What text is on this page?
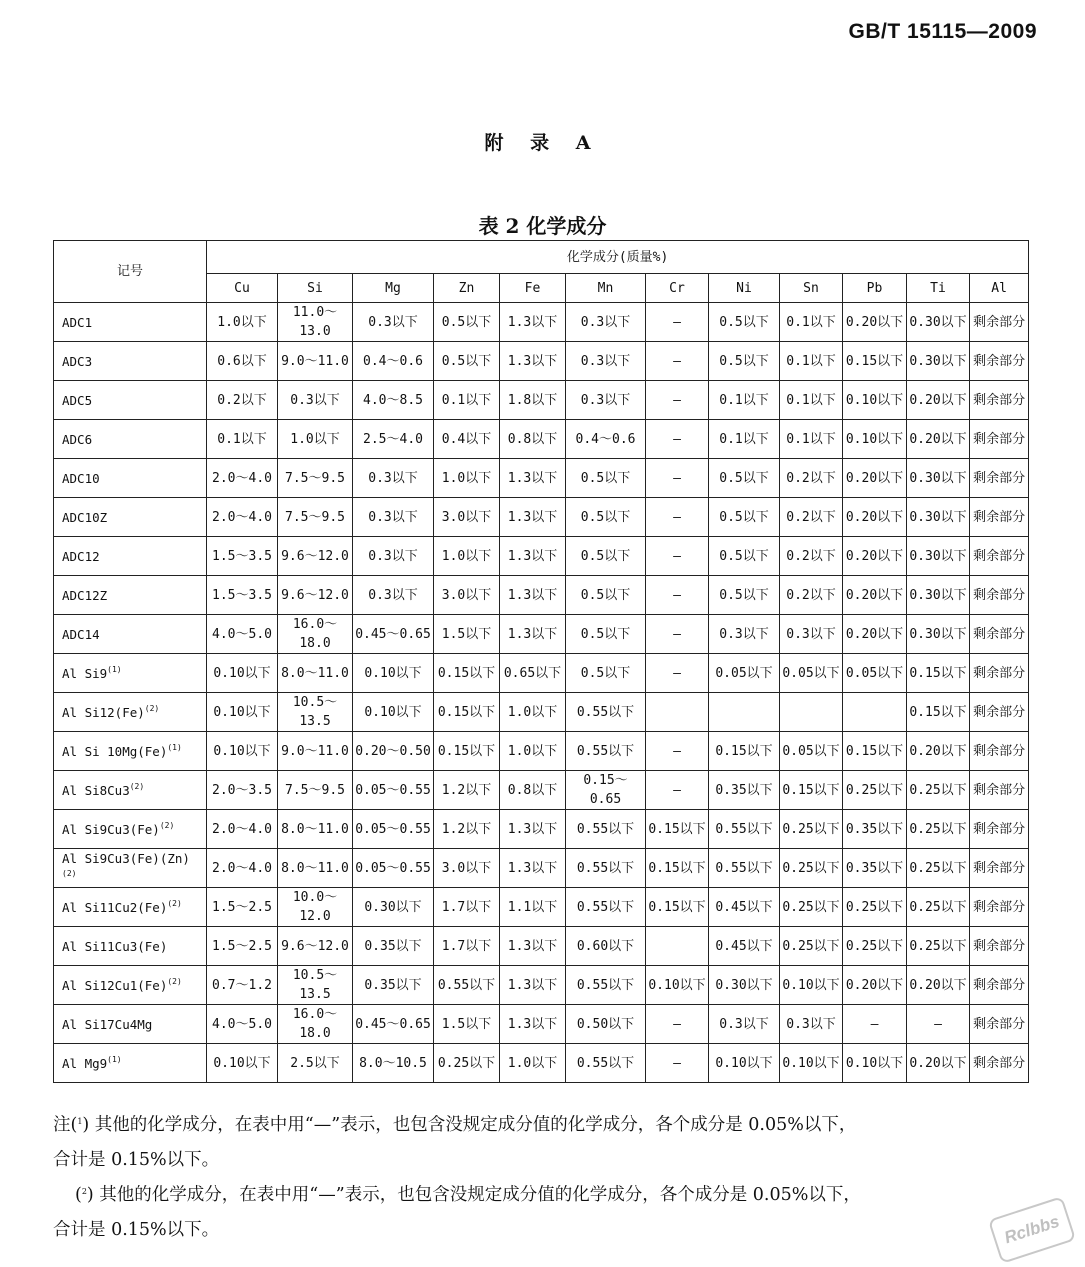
GB/T 15115—2009
附 录 A
表 2 化学成分
记号	化学成分(质量%)											
	Cu	Si	Mg	Zn	Fe	Mn	Cr	Ni	Sn	Pb	Ti	Al
ADC1	1.0以下	11.0～13.0	0.3以下	0.5以下	1.3以下	0.3以下	—	0.5以下	0.1以下	0.20以下	0.30以下	剩余部分
ADC3	0.6以下	9.0～11.0	0.4～0.6	0.5以下	1.3以下	0.3以下	—	0.5以下	0.1以下	0.15以下	0.30以下	剩余部分
ADC5	0.2以下	0.3以下	4.0～8.5	0.1以下	1.8以下	0.3以下	—	0.1以下	0.1以下	0.10以下	0.20以下	剩余部分
ADC6	0.1以下	1.0以下	2.5～4.0	0.4以下	0.8以下	0.4～0.6	—	0.1以下	0.1以下	0.10以下	0.20以下	剩余部分
ADC10	2.0～4.0	7.5～9.5	0.3以下	1.0以下	1.3以下	0.5以下	—	0.5以下	0.2以下	0.20以下	0.30以下	剩余部分
ADC10Z	2.0～4.0	7.5～9.5	0.3以下	3.0以下	1.3以下	0.5以下	—	0.5以下	0.2以下	0.20以下	0.30以下	剩余部分
ADC12	1.5～3.5	9.6～12.0	0.3以下	1.0以下	1.3以下	0.5以下	—	0.5以下	0.2以下	0.20以下	0.30以下	剩余部分
ADC12Z	1.5～3.5	9.6～12.0	0.3以下	3.0以下	1.3以下	0.5以下	—	0.5以下	0.2以下	0.20以下	0.30以下	剩余部分
ADC14	4.0～5.0	16.0～18.0	0.45～0.65	1.5以下	1.3以下	0.5以下	—	0.3以下	0.3以下	0.20以下	0.30以下	剩余部分
Al Si9$^{(1)}$	0.10以下	8.0～11.0	0.10以下	0.15以下	0.65以下	0.5以下	—	0.05以下	0.05以下	0.05以下	0.15以下	剩余部分
Al $Si12(Fe)^{(2)}$	0.10以下	10.5～13.5	0.10以下	0.15以下	1.0以下	0.55以下					0.15以下	剩余部分
Al Si $10Mg(Fe)^{(1)}$	0.10以下	9.0～11.0	0.20～0.50	0.15以下	1.0以下	0.55以下	—	0.15以下	0.05以下	0.15以下	0.20以下	剩余部分
Al Si8Cu3$^{(2)}$	2.0～3.5	7.5～9.5	0.05～0.55	1.2以下	0.8以下	0.15～0.65	—	0.35以下	0.15以下	0.25以下	0.25以下	剩余部分
Al $Si9Cu3(Fe)^{(2)}$	2.0～4.0	8.0～11.0	0.05～0.55	1.2以下	1.3以下	0.55以下	0.15以下	0.55以下	0.25以下	0.35以下	0.25以下	剩余部分
Al $Si9Cu3(Fe)(Zn)^{(2)}$	2.0～4.0	8.0～11.0	0.05～0.55	3.0以下	1.3以下	0.55以下	0.15以下	0.55以下	0.25以下	0.35以下	0.25以下	剩余部分
Al $Si11Cu2(Fe)^{(2)}$	1.5～2.5	10.0～12.0	0.30以下	1.7以下	1.1以下	0.55以下	0.15以下	0.45以下	0.25以下	0.25以下	0.25以下	剩余部分
Al Si11Cu3(Fe)	1.5～2.5	9.6～12.0	0.35以下	1.7以下	1.3以下	0.60以下		0.45以下	0.25以下	0.25以下	0.25以下	剩余部分
Al $Si12Cu1(Fe)^{(2)}$	0.7～1.2	10.5～13.5	0.35以下	0.55以下	1.3以下	0.55以下	0.10以下	0.30以下	0.10以下	0.20以下	0.20以下	剩余部分
Al Si17Cu4Mg	4.0～5.0	16.0～18.0	0.45～0.65	1.5以下	1.3以下	0.50以下	—	0.3以下	0.3以下	—	—	剩余部分
Al Mg9$^{(1)}$	0.10以下	2.5以下	8.0～10.5	0.25以下	1.0以下	0.55以下	—	0.10以下	0.10以下	0.10以下	0.20以下	剩余部分

注($^1$) 其他的化学成分，在表中用“—”表示，也包含没规定成分值的化学成分，各个成分是 0.05%以下，

合计是 0.15%以下。

($^2$) 其他的化学成分，在表中用“—”表示，也包含没规定成分值的化学成分，各个成分是 0.05%以下，

合计是 0.15%以下。	Rclbbs
